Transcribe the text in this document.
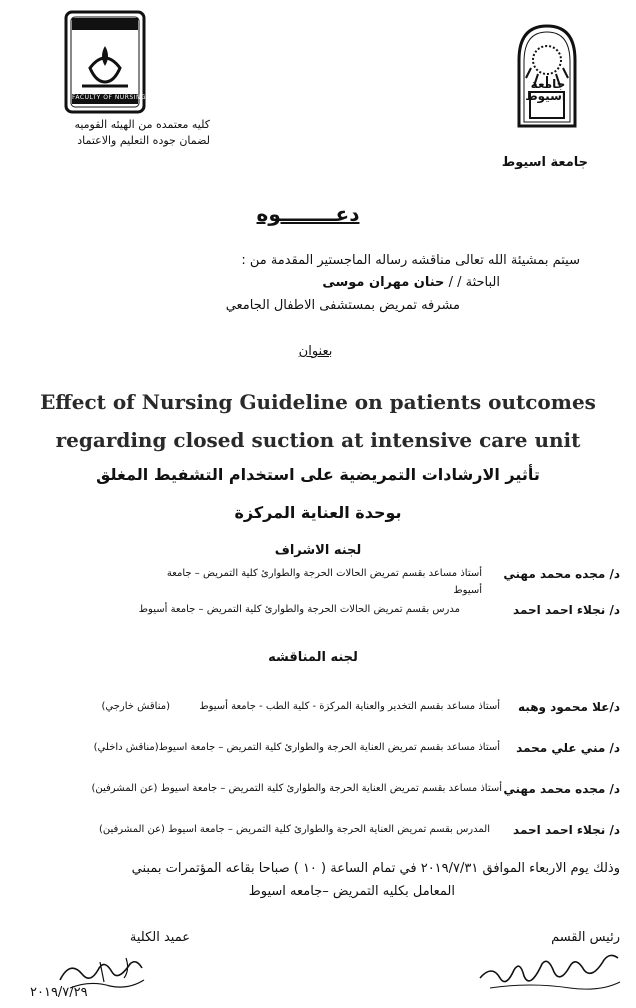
FACULTY OF NURSING
جامعة اسيوط
كليه معتمده من الهيئه القوميه
لضمان جوده التعليم والاعتماد
جامعة اسيوط
دعــــــــوه
سيتم بمشيئة الله تعالى مناقشه رساله الماجستير المقدمة من :
الباحثة / / حنان مهران موسى
مشرفه تمريض بمستشفى الاطفال الجامعي
بعنوان
Effect of Nursing Guideline on patients outcomes
regarding closed suction at intensive care unit
تأثير الارشادات التمريضية على استخدام التشفيط المغلق
بوحدة العناية المركزة
لجنه الاشراف
د/ مجده محمد مهني
أستاذ مساعد بقسم تمريض الحالات الحرجة والطوارئ كلية التمريض – جامعة
أسيوط
د/ نجلاء احمد احمد
مدرس بقسم تمريض الحالات الحرجة والطوارئ كلية التمريض – جامعة أسيوط
لجنه المناقشه
د/علا محمود وهبه
أستاذ مساعد بقسم التخدير والعناية المركزة - كلية الطب - جامعة أسيوط
(مناقش خارجي)
د/ مني علي محمد
أستاذ مساعد بقسم تمريض العناية الحرجة والطوارئ كلية التمريض – جامعة اسيوط(مناقش داخلي)
د/ مجده محمد مهني
أستاذ مساعد بقسم تمريض العناية الحرجة والطوارئ كلية التمريض – جامعة اسيوط (عن المشرفين)
د/ نجلاء احمد احمد
المدرس بقسم تمريض العناية الحرجة والطوارئ كلية التمريض – جامعة اسيوط (عن المشرفين)
وذلك يوم الاربعاء الموافق ٢٠١٩/٧/٣١ في تمام الساعة ( ١٠ ) صباحا بقاعه المؤتمرات بمبني
المعامل بكليه التمريض –جامعه اسيوط
عميد الكلية	رئيس القسم
٢٠١٩/٧/٢٩
